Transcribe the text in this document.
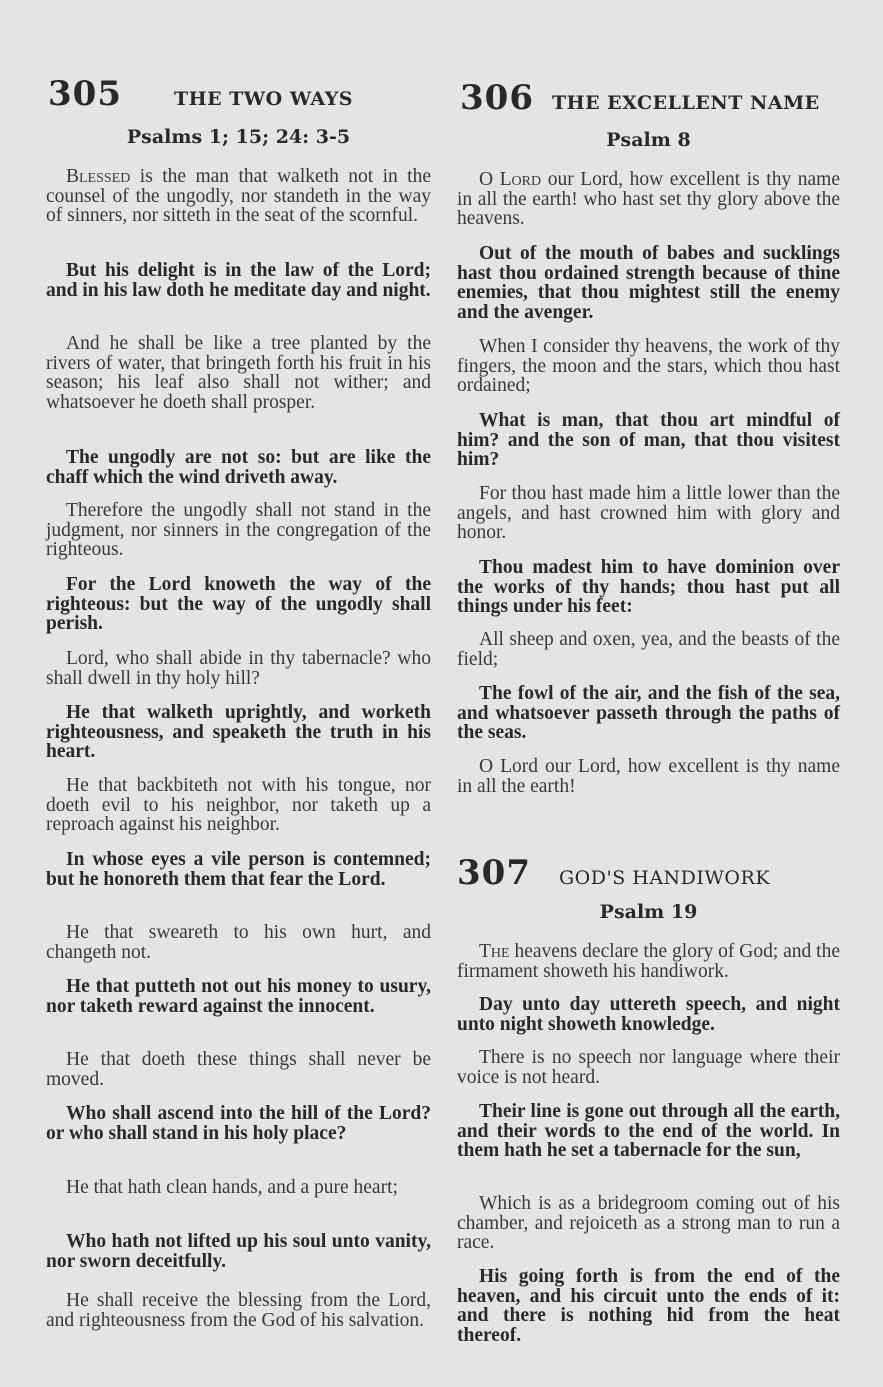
305	THE TWO WAYS
Psalms 1; 15; 24: 3-5

Blessed is the man that walketh not in the counsel of the ungodly, nor standeth in the way of sinners, nor sitteth in the seat of the scornful.

But his delight is in the law of the Lord; and in his law doth he meditate day and night.

And he shall be like a tree planted by the rivers of water, that bringeth forth his fruit in his season; his leaf also shall not wither; and whatsoever he doeth shall prosper.

The ungodly are not so: but are like the chaff which the wind driveth away.

Therefore the ungodly shall not stand in the judgment, nor sinners in the congregation of the righteous.

For the Lord knoweth the way of the righteous: but the way of the ungodly shall perish.

Lord, who shall abide in thy tabernacle? who shall dwell in thy holy hill?

He that walketh uprightly, and worketh righteousness, and speaketh the truth in his heart.

He that backbiteth not with his tongue, nor doeth evil to his neighbor, nor taketh up a reproach against his neighbor.

In whose eyes a vile person is contemned; but he honoreth them that fear the Lord.

He that sweareth to his own hurt, and changeth not.

He that putteth not out his money to usury, nor taketh reward against the innocent.

He that doeth these things shall never be moved.

Who shall ascend into the hill of the Lord? or who shall stand in his holy place?

He that hath clean hands, and a pure heart;

Who hath not lifted up his soul unto vanity, nor sworn deceitfully.

He shall receive the blessing from the Lord, and righteousness from the God of his salvation.

306 THE EXCELLENT NAME
Psalm 8

O Lord our Lord, how excellent is thy name in all the earth! who hast set thy glory above the heavens.

Out of the mouth of babes and sucklings hast thou ordained strength because of thine enemies, that thou mightest still the enemy and the avenger.

When I consider thy heavens, the work of thy fingers, the moon and the stars, which thou hast ordained;

What is man, that thou art mindful of him? and the son of man, that thou visitest him?

For thou hast made him a little lower than the angels, and hast crowned him with glory and honor.

Thou madest him to have dominion over the works of thy hands; thou hast put all things under his feet:

All sheep and oxen, yea, and the beasts of the field;

The fowl of the air, and the fish of the sea, and whatsoever passeth through the paths of the seas.

O Lord our Lord, how excellent is thy name in all the earth!

307 GOD'S HANDIWORK
Psalm 19

The heavens declare the glory of God; and the firmament showeth his handiwork.

Day unto day uttereth speech, and night unto night showeth knowledge.

There is no speech nor language where their voice is not heard.

Their line is gone out through all the earth, and their words to the end of the world. In them hath he set a tabernacle for the sun,

Which is as a bridegroom coming out of his chamber, and rejoiceth as a strong man to run a race.

His going forth is from the end of the heaven, and his circuit unto the ends of it: and there is nothing hid from the heat thereof.
